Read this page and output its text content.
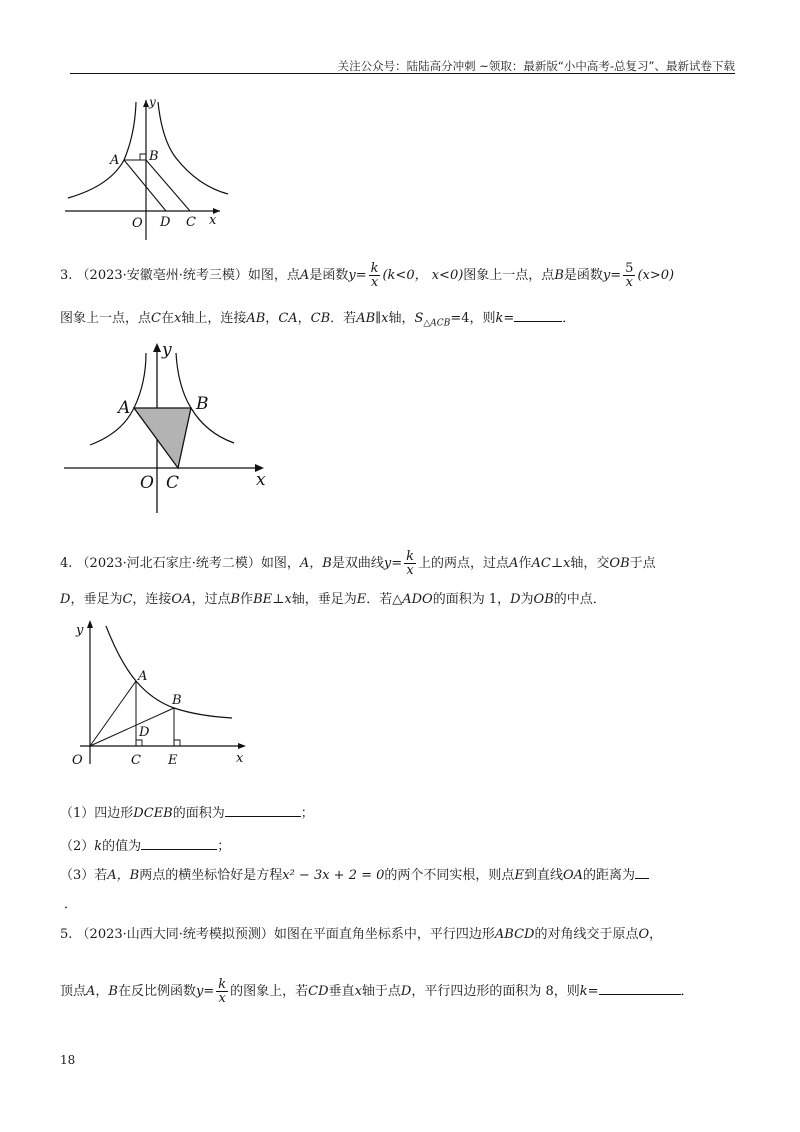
关注公众号：陆陆高分冲刺 ~领取：最新版“小中高考-总复习”、最新试卷下载
y
A B
O D C x
3. （2023·安徽亳州·统考三模）如图，点A是函数$y= \frac{k}{x} (k<0$， x<0)图象上一点，点B是函数$y= \frac{5}{x} (x>0)$
图象上一点，点C在x轴上，连接AB，CA，CB．若AB∥x轴，$S_{\triangle ACB}=4$，则k=	．
y
A	B
O C	x
4. （2023·河北石家庄·统考二模）如图，A，B是双曲线$y= \frac{k}{x}$ 上的两点，过点A作AC⊥x轴，交OB于点
D，垂足为C，连接OA，过点B作BE⊥x轴，垂足为E．若△ADO的面积为 1，D为OB的中点．
y
A
B
D
O	C E	x
（1）四边形DCEB的面积为	；
（2）k的值为	；
（3）若A，B两点的横坐标恰好是方程x² − 3x + 2 = 0的两个不同实根，则点E到直线OA的距离为
．
5. （2023·山西大同·统考模拟预测）如图在平面直角坐标系中，平行四边形ABCD的对角线交于原点O，
顶点A，B在反比例函数$y= \frac{k}{x}$ 的图象上，若CD垂直x轴于点D，平行四边形的面积为 8，则k=	．
18
